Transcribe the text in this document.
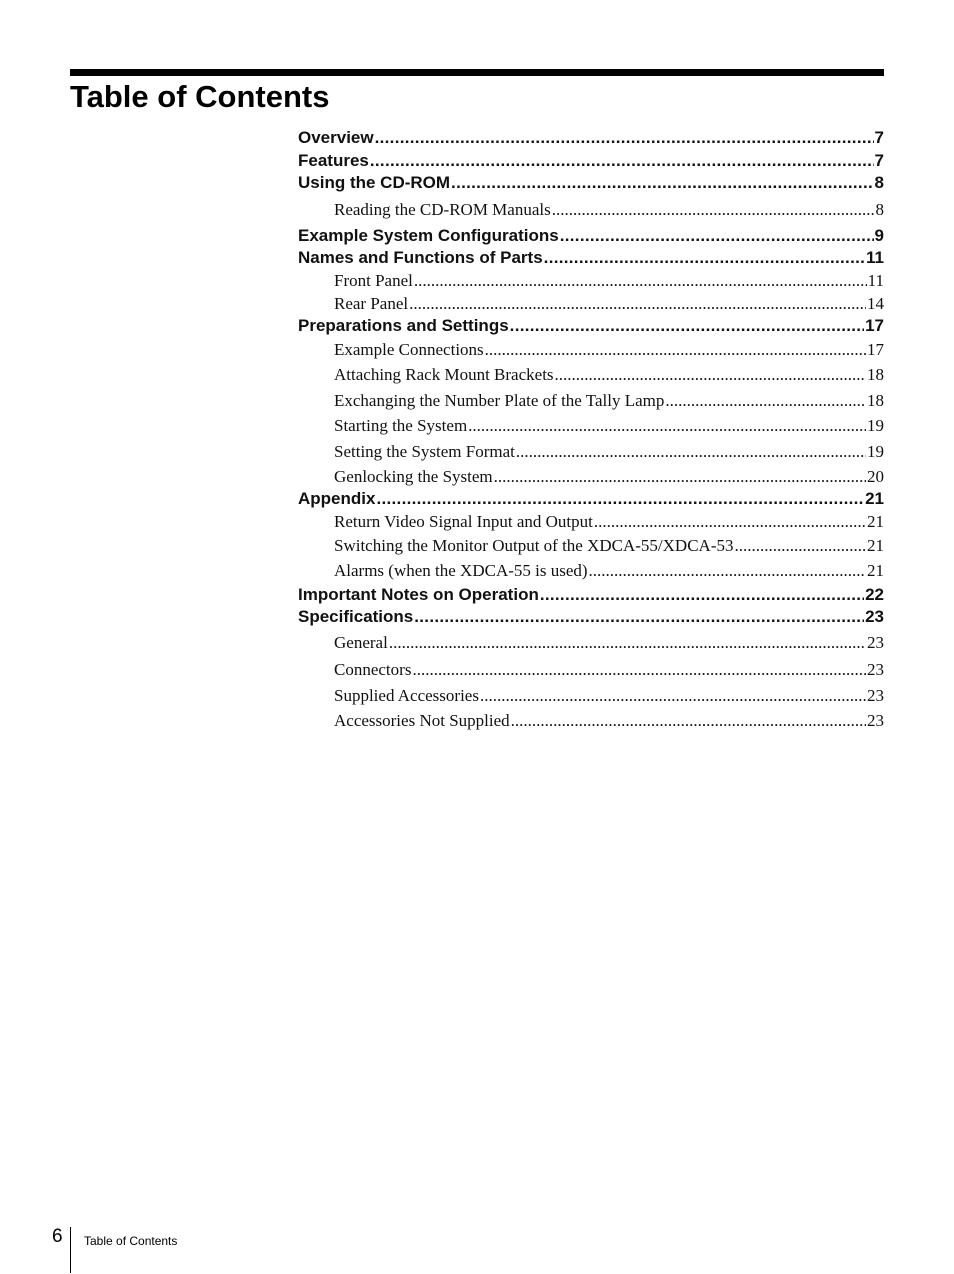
Table of Contents
Overview .....	7
Features .....	7
Using the CD-ROM .....	8
Reading the CD-ROM Manuals .....	8
Example System Configurations .....	9
Names and Functions of Parts .....	11
Front Panel .....	11
Rear Panel .....	14
Preparations and Settings .....	17
Example Connections .....	17
Attaching Rack Mount Brackets .....	18
Exchanging the Number Plate of the Tally Lamp .....	18
Starting the System .....	19
Setting the System Format .....	19
Genlocking the System .....	20
Appendix .....	21
Return Video Signal Input and Output .....	21
Switching the Monitor Output of the XDCA-55/XDCA-53 .....	21
Alarms (when the XDCA-55 is used) .....	21
Important Notes on Operation .....	22
Specifications .....	23
General .....	23
Connectors .....	23
Supplied Accessories .....	23
Accessories Not Supplied .....	23
6 Table of Contents
